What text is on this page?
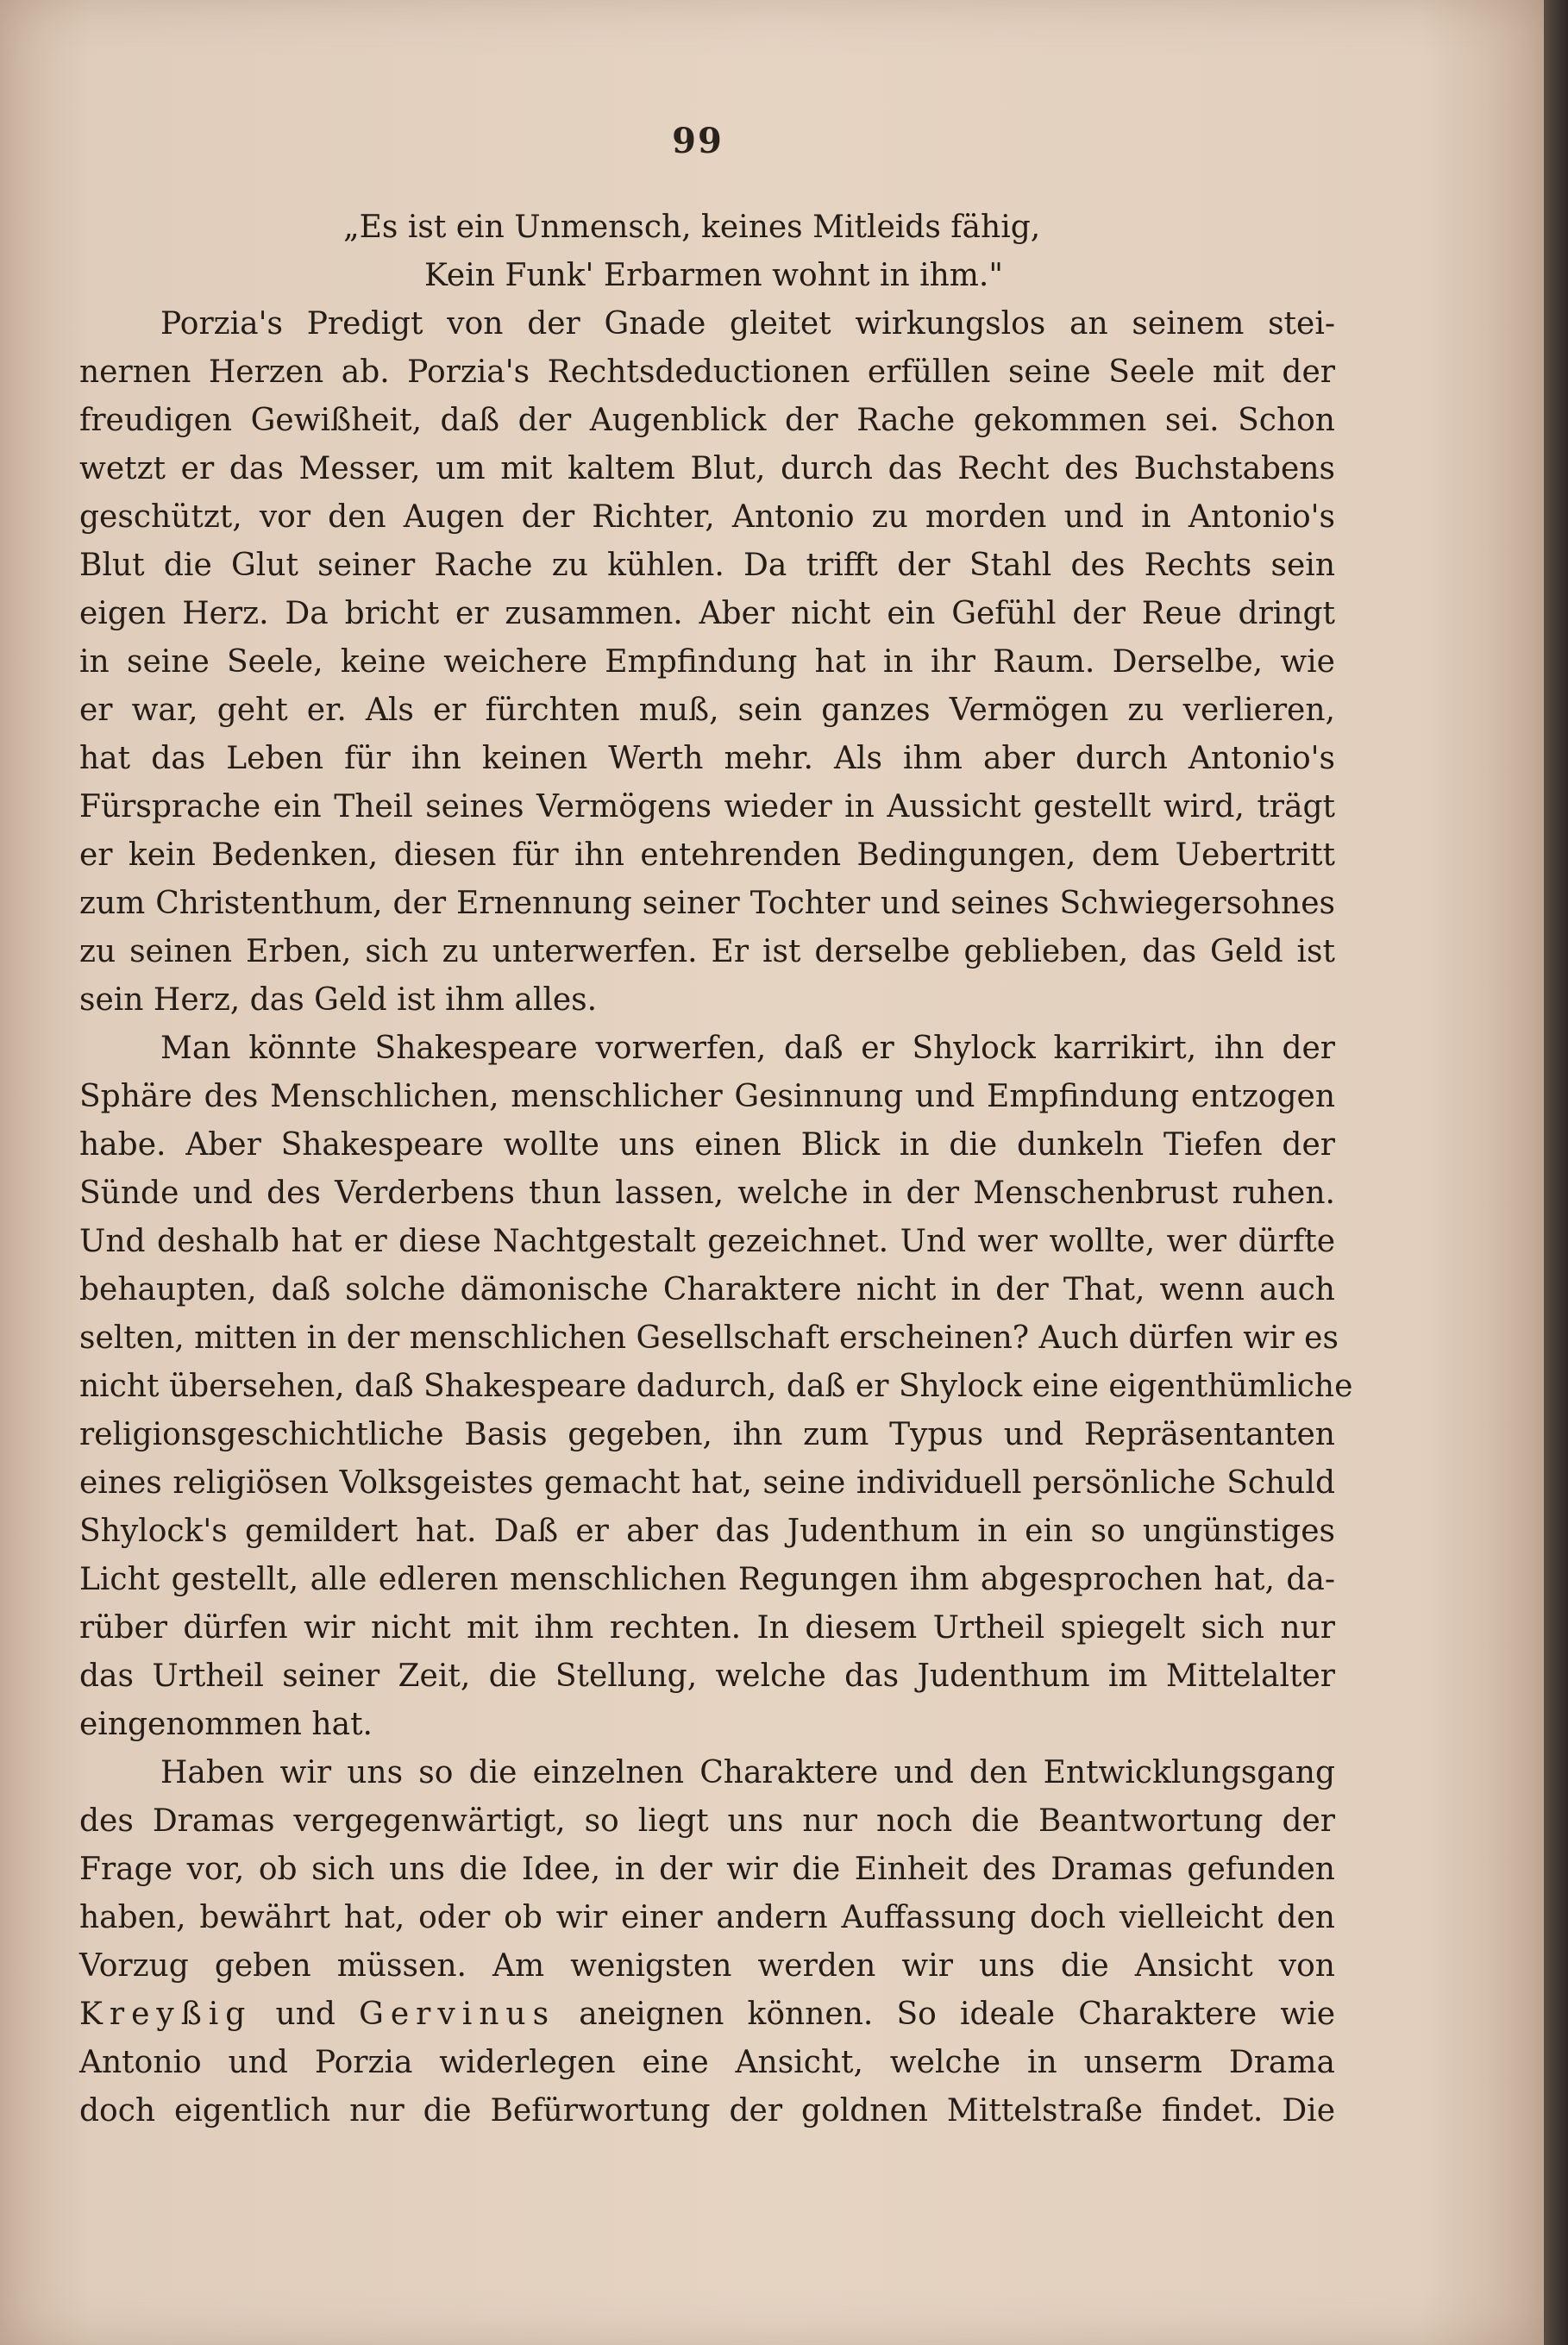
99
„Es ist ein Unmensch, keines Mitleids fähig,
Kein Funk' Erbarmen wohnt in ihm."
Porzia's Predigt von der Gnade gleitet wirkungslos an seinem stei-
nernen Herzen ab. Porzia's Rechtsdeductionen erfüllen seine Seele mit der
freudigen Gewißheit, daß der Augenblick der Rache gekommen sei. Schon
wetzt er das Messer, um mit kaltem Blut, durch das Recht des Buchstabens
geschützt, vor den Augen der Richter, Antonio zu morden und in Antonio's
Blut die Glut seiner Rache zu kühlen. Da trifft der Stahl des Rechts sein
eigen Herz. Da bricht er zusammen. Aber nicht ein Gefühl der Reue dringt
in seine Seele, keine weichere Empfindung hat in ihr Raum. Derselbe, wie
er war, geht er. Als er fürchten muß, sein ganzes Vermögen zu verlieren,
hat das Leben für ihn keinen Werth mehr. Als ihm aber durch Antonio's
Fürsprache ein Theil seines Vermögens wieder in Aussicht gestellt wird, trägt
er kein Bedenken, diesen für ihn entehrenden Bedingungen, dem Uebertritt
zum Christenthum, der Ernennung seiner Tochter und seines Schwiegersohnes
zu seinen Erben, sich zu unterwerfen. Er ist derselbe geblieben, das Geld ist
sein Herz, das Geld ist ihm alles.
Man könnte Shakespeare vorwerfen, daß er Shylock karrikirt, ihn der
Sphäre des Menschlichen, menschlicher Gesinnung und Empfindung entzogen
habe. Aber Shakespeare wollte uns einen Blick in die dunkeln Tiefen der
Sünde und des Verderbens thun lassen, welche in der Menschenbrust ruhen.
Und deshalb hat er diese Nachtgestalt gezeichnet. Und wer wollte, wer dürfte
behaupten, daß solche dämonische Charaktere nicht in der That, wenn auch
selten, mitten in der menschlichen Gesellschaft erscheinen? Auch dürfen wir es
nicht übersehen, daß Shakespeare dadurch, daß er Shylock eine eigenthümliche
religionsgeschichtliche Basis gegeben, ihn zum Typus und Repräsentanten
eines religiösen Volksgeistes gemacht hat, seine individuell persönliche Schuld
Shylock's gemildert hat. Daß er aber das Judenthum in ein so ungünstiges
Licht gestellt, alle edleren menschlichen Regungen ihm abgesprochen hat, da-
rüber dürfen wir nicht mit ihm rechten. In diesem Urtheil spiegelt sich nur
das Urtheil seiner Zeit, die Stellung, welche das Judenthum im Mittelalter
eingenommen hat.
Haben wir uns so die einzelnen Charaktere und den Entwicklungsgang
des Dramas vergegenwärtigt, so liegt uns nur noch die Beantwortung der
Frage vor, ob sich uns die Idee, in der wir die Einheit des Dramas gefunden
haben, bewährt hat, oder ob wir einer andern Auffassung doch vielleicht den
Vorzug geben müssen. Am wenigsten werden wir uns die Ansicht von
Kreyßig und Gervinus aneignen können. So ideale Charaktere wie
Antonio und Porzia widerlegen eine Ansicht, welche in unserm Drama
doch eigentlich nur die Befürwortung der goldnen Mittelstraße findet. Die
